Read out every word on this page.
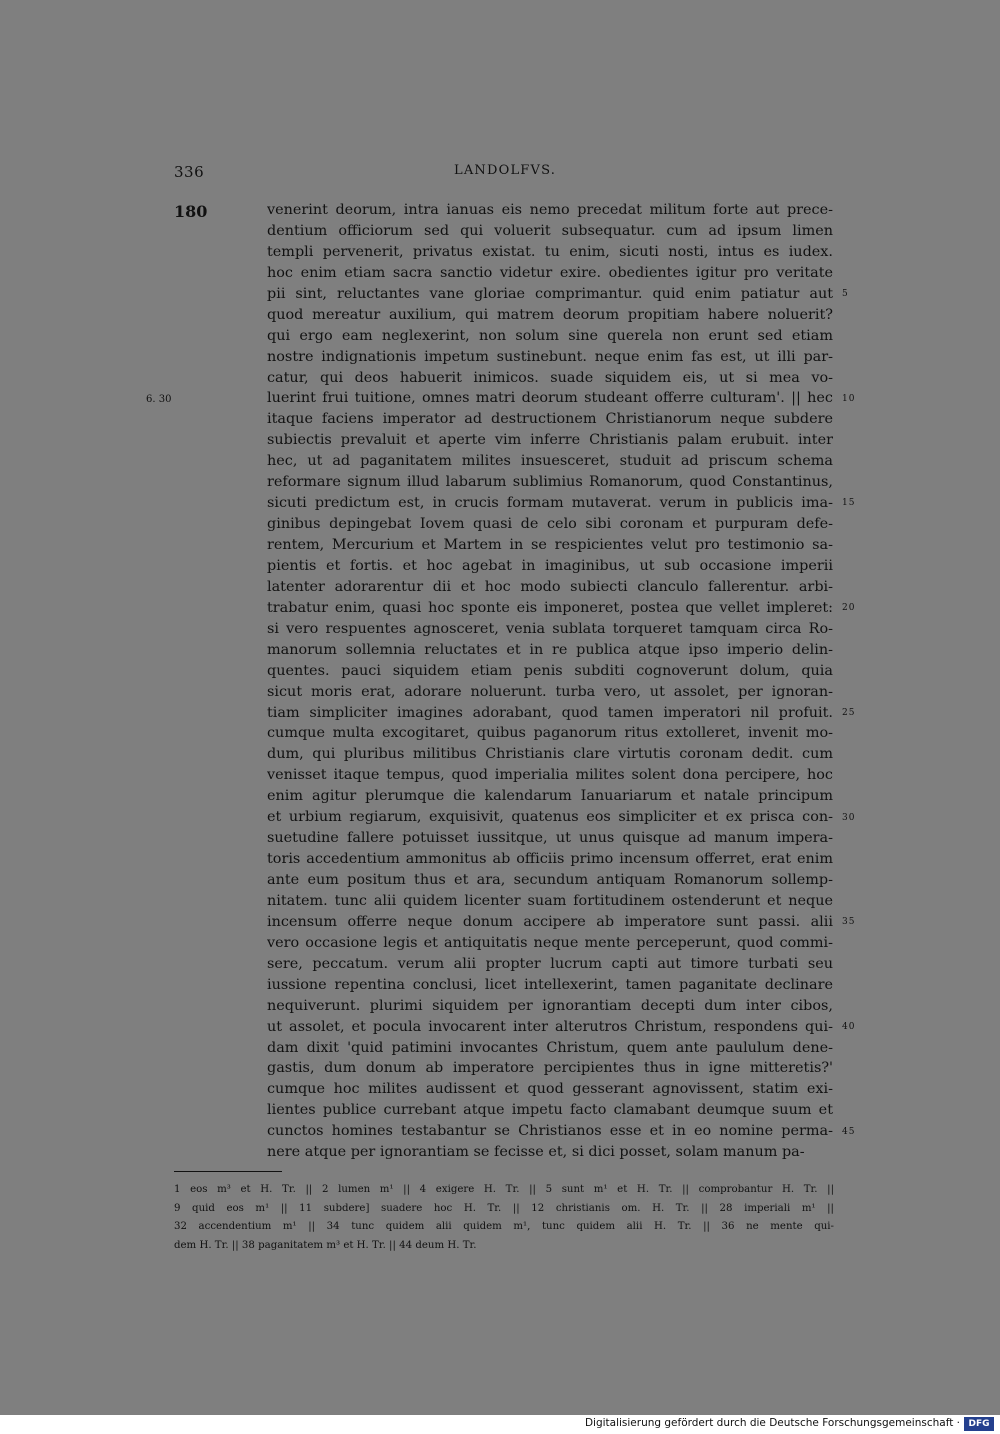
336	LANDOLFVS.
180
6. 30
venerint deorum, intra ianuas eis nemo precedat militum forte aut prece-
dentium officiorum sed qui voluerit subsequatur. cum ad ipsum limen
templi pervenerit, privatus existat. tu enim, sicuti nosti, intus es iudex.
hoc enim etiam sacra sanctio videtur exire. obedientes igitur pro veritate
pii sint, reluctantes vane gloriae comprimantur. quid enim patiatur aut
quod mereatur auxilium, qui matrem deorum propitiam habere noluerit?
qui ergo eam neglexerint, non solum sine querela non erunt sed etiam
nostre indignationis impetum sustinebunt. neque enim fas est, ut illi par-
catur, qui deos habuerit inimicos. suade siquidem eis, ut si mea vo-
luerint frui tuitione, omnes matri deorum studeant offerre culturam'. || hec
itaque faciens imperator ad destructionem Christianorum neque subdere
subiectis prevaluit et aperte vim inferre Christianis palam erubuit. inter
hec, ut ad paganitatem milites insuesceret, studuit ad priscum schema
reformare signum illud labarum sublimius Romanorum, quod Constantinus,
sicuti predictum est, in crucis formam mutaverat. verum in publicis ima-
ginibus depingebat Iovem quasi de celo sibi coronam et purpuram defe-
rentem, Mercurium et Martem in se respicientes velut pro testimonio sa-
pientis et fortis. et hoc agebat in imaginibus, ut sub occasione imperii
latenter adorarentur dii et hoc modo subiecti clanculo fallerentur. arbi-
trabatur enim, quasi hoc sponte eis imponeret, postea que vellet impleret:
si vero respuentes agnosceret, venia sublata torqueret tamquam circa Ro-
manorum sollemnia reluctates et in re publica atque ipso imperio delin-
quentes. pauci siquidem etiam penis subditi cognoverunt dolum, quia
sicut moris erat, adorare noluerunt. turba vero, ut assolet, per ignoran-
tiam simpliciter imagines adorabant, quod tamen imperatori nil profuit.
cumque multa excogitaret, quibus paganorum ritus extolleret, invenit mo-
dum, qui pluribus militibus Christianis clare virtutis coronam dedit. cum
venisset itaque tempus, quod imperialia milites solent dona percipere, hoc
enim agitur plerumque die kalendarum Ianuariarum et natale principum
et urbium regiarum, exquisivit, quatenus eos simpliciter et ex prisca con-
suetudine fallere potuisset iussitque, ut unus quisque ad manum impera-
toris accedentium ammonitus ab officiis primo incensum offerret, erat enim
ante eum positum thus et ara, secundum antiquam Romanorum sollemp-
nitatem. tunc alii quidem licenter suam fortitudinem ostenderunt et neque
incensum offerre neque donum accipere ab imperatore sunt passi. alii
vero occasione legis et antiquitatis neque mente perceperunt, quod commi-
sere, peccatum. verum alii propter lucrum capti aut timore turbati seu
iussione repentina conclusi, licet intellexerint, tamen paganitate declinare
nequiverunt. plurimi siquidem per ignorantiam decepti dum inter cibos,
ut assolet, et pocula invocarent inter alterutros Christum, respondens qui-
dam dixit 'quid patimini invocantes Christum, quem ante paululum dene-
gastis, dum donum ab imperatore percipientes thus in igne mitteretis?'
cumque hoc milites audissent et quod gesserant agnovissent, statim exi-
lientes publice currebant atque impetu facto clamabant deumque suum et
cunctos homines testabantur se Christianos esse et in eo nomine perma-
nere atque per ignorantiam se fecisse et, si dici posset, solam manum pa-
5
10
15
20
25
30
35
40
45
1 eos m³ et H. Tr. || 2 lumen m¹ || 4 exigere H. Tr. || 5 sunt m¹ et H. Tr. || comprobantur H. Tr. ||
9 quid eos m¹ || 11 subdere] suadere hoc H. Tr. || 12 christianis om. H. Tr. || 28 imperiali m¹ ||
32 accendentium m¹ || 34 tunc quidem alii quidem m¹, tunc quidem alii H. Tr. || 36 ne mente qui-
dem H. Tr. || 38 paganitatem m³ et H. Tr. || 44 deum H. Tr.
Digitalisierung gefördert durch die Deutsche Forschungsgemeinschaft · DFG
